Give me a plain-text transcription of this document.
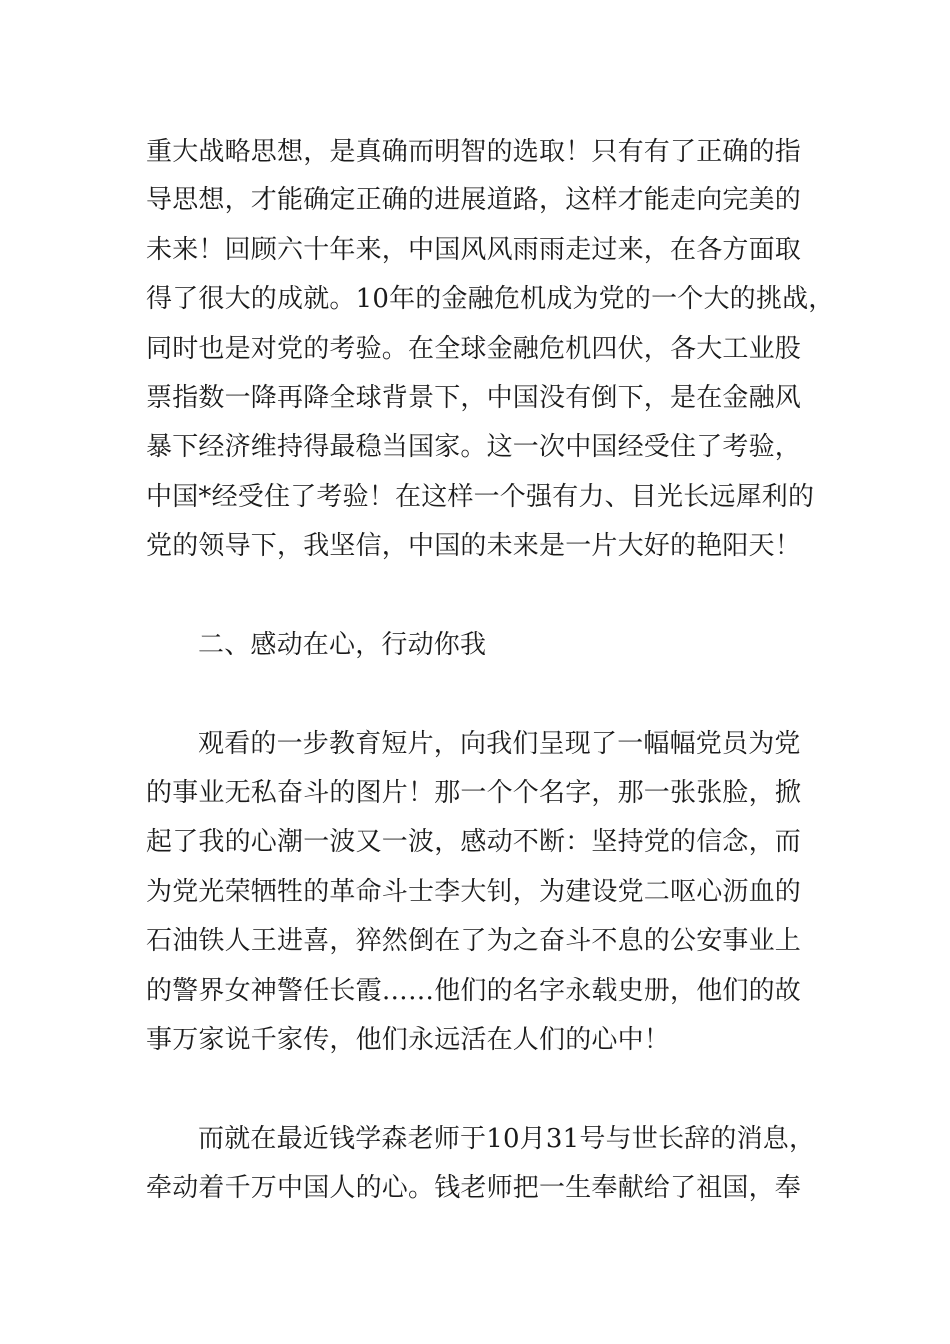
重大战略思想，是真确而明智的选取！只有有了正确的指
导思想，才能确定正确的进展道路，这样才能走向完美的
未来！回顾六十年来，中国风风雨雨走过来，在各方面取
得了很大的成就。10年的金融危机成为党的一个大的挑战，
同时也是对党的考验。在全球金融危机四伏，各大工业股
票指数一降再降全球背景下，中国没有倒下，是在金融风
暴下经济维持得最稳当国家。这一次中国经受住了考验，
中国*经受住了考验！在这样一个强有力、目光长远犀利的
党的领导下，我坚信，中国的未来是一片大好的艳阳天！
二、感动在心，行动你我
观看的一步教育短片，向我们呈现了一幅幅党员为党
的事业无私奋斗的图片！那一个个名字，那一张张脸，掀
起了我的心潮一波又一波，感动不断：坚持党的信念，而
为党光荣牺牲的革命斗士李大钊，为建设党二呕心沥血的
石油铁人王进喜，猝然倒在了为之奋斗不息的公安事业上
的警界女神警任长霞……他们的名字永载史册，他们的故
事万家说千家传，他们永远活在人们的心中！
而就在最近钱学森老师于10月31号与世长辞的消息，
牵动着千万中国人的心。钱老师把一生奉献给了祖国，奉
